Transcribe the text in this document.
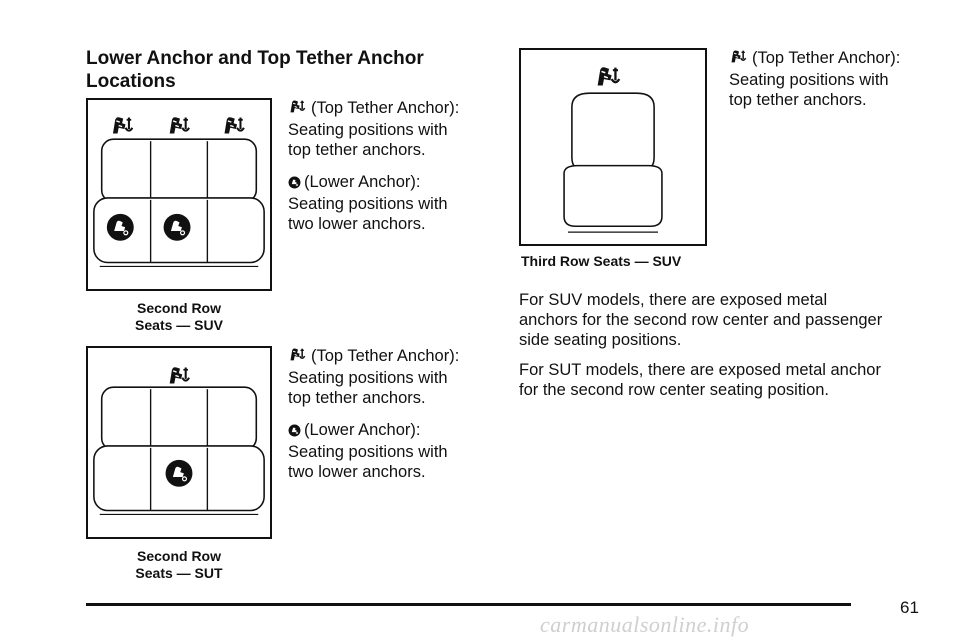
Lower Anchor and Top Tether Anchor
Locations
Second Row
Seats — SUV

(Top Tether Anchor):
Seating positions with
top tether anchors.

(Lower Anchor):
Seating positions with
two lower anchors.

Second Row
Seats — SUT

(Top Tether Anchor):
Seating positions with
top tether anchors.

(Lower Anchor):
Seating positions with
two lower anchors.

Third Row Seats — SUV

(Top Tether Anchor):
Seating positions with
top tether anchors.

For SUV models, there are exposed metal
anchors for the second row center and passenger
side seating positions.

For SUT models, there are exposed metal anchor
for the second row center seating position.

61
carmanualsonline.info
